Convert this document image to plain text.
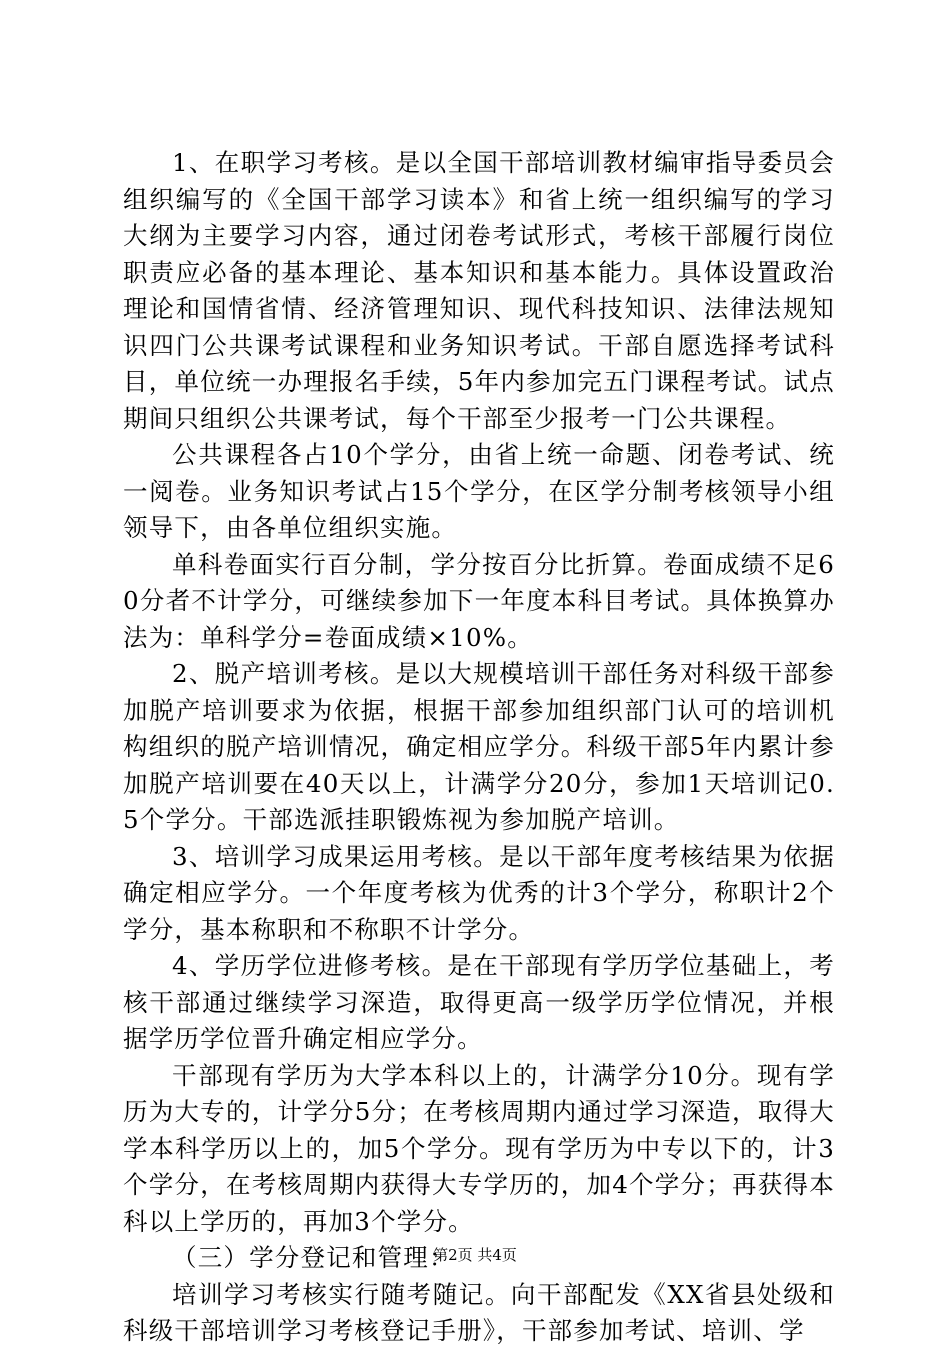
1、在职学习考核。是以全国干部培训教材编审指导委员会组织编写的《全国干部学习读本》和省上统一组织编写的学习大纲为主要学习内容，通过闭卷考试形式，考核干部履行岗位职责应必备的基本理论、基本知识和基本能力。具体设置政治理论和国情省情、经济管理知识、现代科技知识、法律法规知识四门公共课考试课程和业务知识考试。干部自愿选择考试科目，单位统一办理报名手续，5年内参加完五门课程考试。试点期间只组织公共课考试，每个干部至少报考一门公共课程。

公共课程各占10个学分，由省上统一命题、闭卷考试、统一阅卷。业务知识考试占15个学分，在区学分制考核领导小组领导下，由各单位组织实施。

单科卷面实行百分制，学分按百分比折算。卷面成绩不足60分者不计学分，可继续参加下一年度本科目考试。具体换算办法为：单科学分=卷面成绩×10%。

2、脱产培训考核。是以大规模培训干部任务对科级干部参加脱产培训要求为依据，根据干部参加组织部门认可的培训机构组织的脱产培训情况，确定相应学分。科级干部5年内累计参加脱产培训要在40天以上，计满学分20分，参加1天培训记0.5个学分。干部选派挂职锻炼视为参加脱产培训。

3、培训学习成果运用考核。是以干部年度考核结果为依据确定相应学分。一个年度考核为优秀的计3个学分，称职计2个学分，基本称职和不称职不计学分。

4、学历学位进修考核。是在干部现有学历学位基础上，考核干部通过继续学习深造，取得更高一级学历学位情况，并根据学历学位晋升确定相应学分。

干部现有学历为大学本科以上的，计满学分10分。现有学历为大专的，计学分5分；在考核周期内通过学习深造，取得大学本科学历以上的，加5个学分。现有学历为中专以下的，计3个学分，在考核周期内获得大专学历的，加4个学分；再获得本科以上学历的，再加3个学分。

（三）学分登记和管理：

培训学习考核实行随考随记。向干部配发《XX省县处级和科级干部培训学习考核登记手册》，干部参加考试、培训、学

第2页 共4页
